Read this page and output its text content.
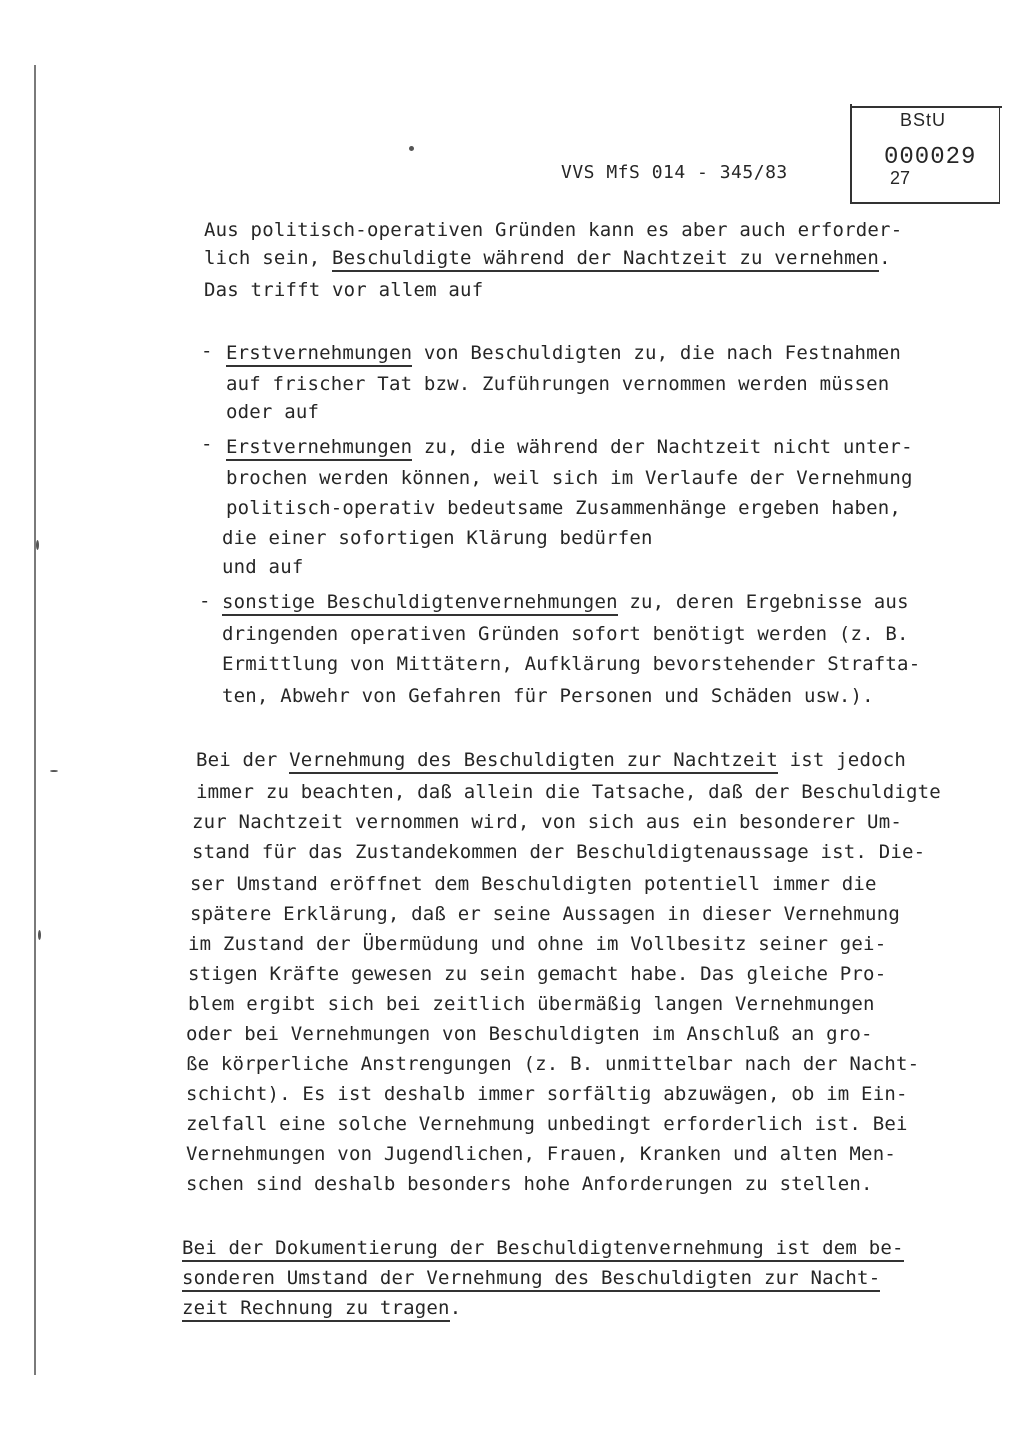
VVS MfS 014 - 345/83
BStU
000029
27
Aus politisch-operativen Gründen kann es aber auch erforder-
lich sein, Beschuldigte während der Nachtzeit zu vernehmen.
Das trifft vor allem auf
- Erstvernehmungen von Beschuldigten zu, die nach Festnahmen
auf frischer Tat bzw. Zuführungen vernommen werden müssen
oder auf
- Erstvernehmungen zu, die während der Nachtzeit nicht unter-
brochen werden können, weil sich im Verlaufe der Vernehmung
politisch-operativ bedeutsame Zusammenhänge ergeben haben,
die einer sofortigen Klärung bedürfen
und auf
- sonstige Beschuldigtenvernehmungen zu, deren Ergebnisse aus
dringenden operativen Gründen sofort benötigt werden (z. B.
Ermittlung von Mittätern, Aufklärung bevorstehender Strafta-
ten, Abwehr von Gefahren für Personen und Schäden usw.).
Bei der Vernehmung des Beschuldigten zur Nachtzeit ist jedoch
immer zu beachten, daß allein die Tatsache, daß der Beschuldigte
zur Nachtzeit vernommen wird, von sich aus ein besonderer Um-
stand für das Zustandekommen der Beschuldigtenaussage ist. Die-
ser Umstand eröffnet dem Beschuldigten potentiell immer die
spätere Erklärung, daß er seine Aussagen in dieser Vernehmung
im Zustand der Übermüdung und ohne im Vollbesitz seiner gei-
stigen Kräfte gewesen zu sein gemacht habe. Das gleiche Pro-
blem ergibt sich bei zeitlich übermäßig langen Vernehmungen
oder bei Vernehmungen von Beschuldigten im Anschluß an gro-
ße körperliche Anstrengungen (z. B. unmittelbar nach der Nacht-
schicht). Es ist deshalb immer sorfältig abzuwägen, ob im Ein-
zelfall eine solche Vernehmung unbedingt erforderlich ist. Bei
Vernehmungen von Jugendlichen, Frauen, Kranken und alten Men-
schen sind deshalb besonders hohe Anforderungen zu stellen.
Bei der Dokumentierung der Beschuldigtenvernehmung ist dem be-
sonderen Umstand der Vernehmung des Beschuldigten zur Nacht-
zeit Rechnung zu tragen.
